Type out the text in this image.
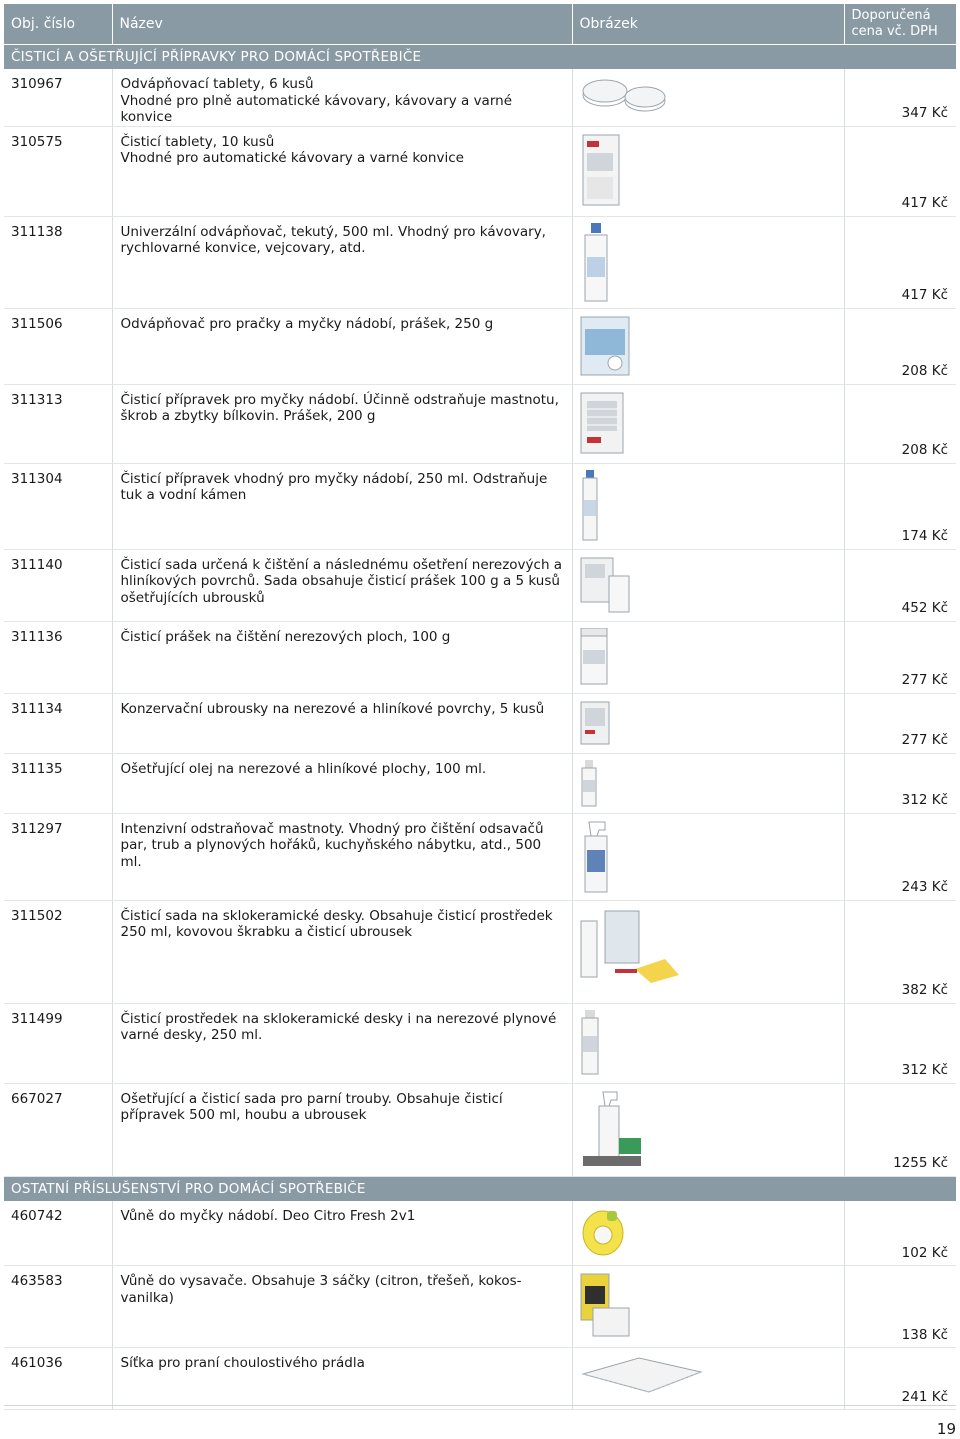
Obj. číslo	Název	Obrázek	Doporučená
cena vč. DPH
ČISTICÍ A OŠETŘUJÍCÍ PŘÍPRAVKY PRO DOMÁCÍ SPOTŘEBIČE			
310967	Odvápňovací tablety, 6 kusů
Vhodné pro plně automatické kávovary, kávovary a varné konvice		347 Kč
310575	Čisticí tablety, 10 kusů
Vhodné pro automatické kávovary a varné konvice		417 Kč
311138	Univerzální odvápňovač, tekutý, 500 ml. Vhodný pro kávovary, rychlovarné konvice, vejcovary, atd.		417 Kč
311506	Odvápňovač pro pračky a myčky nádobí, prášek, 250 g		208 Kč
311313	Čisticí přípravek pro myčky nádobí. Účinně odstraňuje mastnotu, škrob a zbytky bílkovin. Prášek, 200 g		208 Kč
311304	Čisticí přípravek vhodný pro myčky nádobí, 250 ml. Odstraňuje tuk a vodní kámen		174 Kč
311140	Čisticí sada určená k čištění a následnému ošetření nerezových a hliníkových povrchů. Sada obsahuje čisticí prášek 100 g a 5 kusů ošetřujících ubrousků		452 Kč
311136	Čisticí prášek na čištění nerezových ploch, 100 g		277 Kč
311134	Konzervační ubrousky na nerezové a hliníkové povrchy, 5 kusů		277 Kč
311135	Ošetřující olej na nerezové a hliníkové plochy, 100 ml.		312 Kč
311297	Intenzivní odstraňovač mastnoty. Vhodný pro čištění odsavačů par, trub a plynových hořáků, kuchyňského nábytku, atd., 500 ml.		243 Kč
311502	Čisticí sada na sklokeramické desky. Obsahuje čisticí prostředek 250 ml, kovovou škrabku a čisticí ubrousek		382 Kč
311499	Čisticí prostředek na sklokeramické desky i na nerezové plynové varné desky, 250 ml.		312 Kč
667027	Ošetřující a čisticí sada pro parní trouby. Obsahuje čisticí přípravek 500 ml, houbu a ubrousek		1255 Kč
OSTATNÍ PŘÍSLUŠENSTVÍ PRO DOMÁCÍ SPOTŘEBIČE			
460742	Vůně do myčky nádobí. Deo Citro Fresh 2v1		102 Kč
463583	Vůně do vysavače. Obsahuje 3 sáčky (citron, třešeň, kokos-vanilka)		138 Kč
461036	Síťka pro praní choulostivého prádla		241 Kč
19
